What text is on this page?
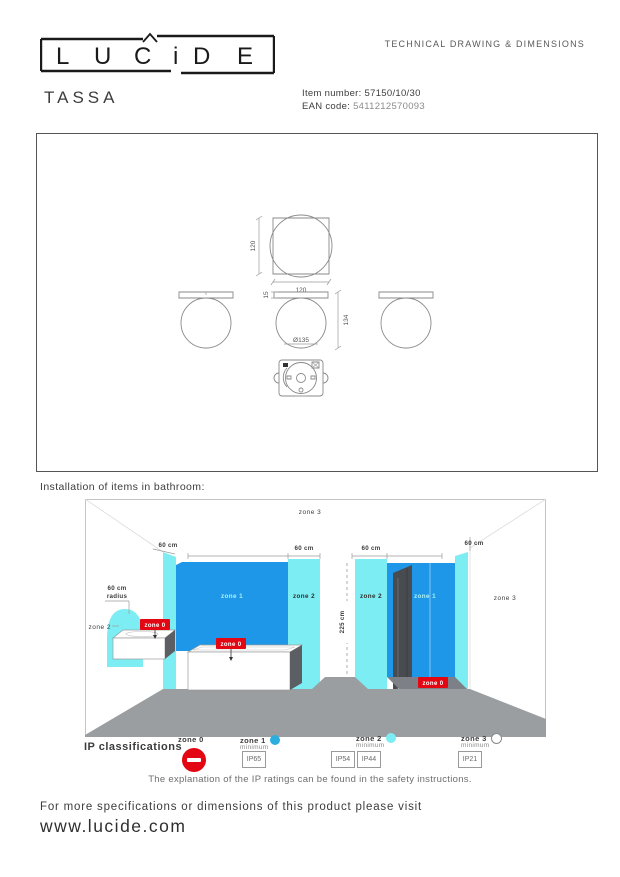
L U C i D E	TECHNICAL DRAWING & DIMENSIONS
TASSA	Item number: 57150/10/30
EAN code: 5411212570093
120
120
15
134
Ø135
Installation of items in bathroom:
60 cm	60 cm	60 cm
60 cm
225 cm
zone 1	zone 2	zone 2	zone 1
zone 3
zone 3
60 cm
radius
zone 2	zone 0
zone 0
zone 0
IP classifications
zone 0	zone 1
minimum
IP65
zone 2
minimum
IP54	IP44
zone 3
minimum
IP21
The explanation of the IP ratings can be found in the safety instructions.
For more specifications or dimensions of this product please visit
www.lucide.com
